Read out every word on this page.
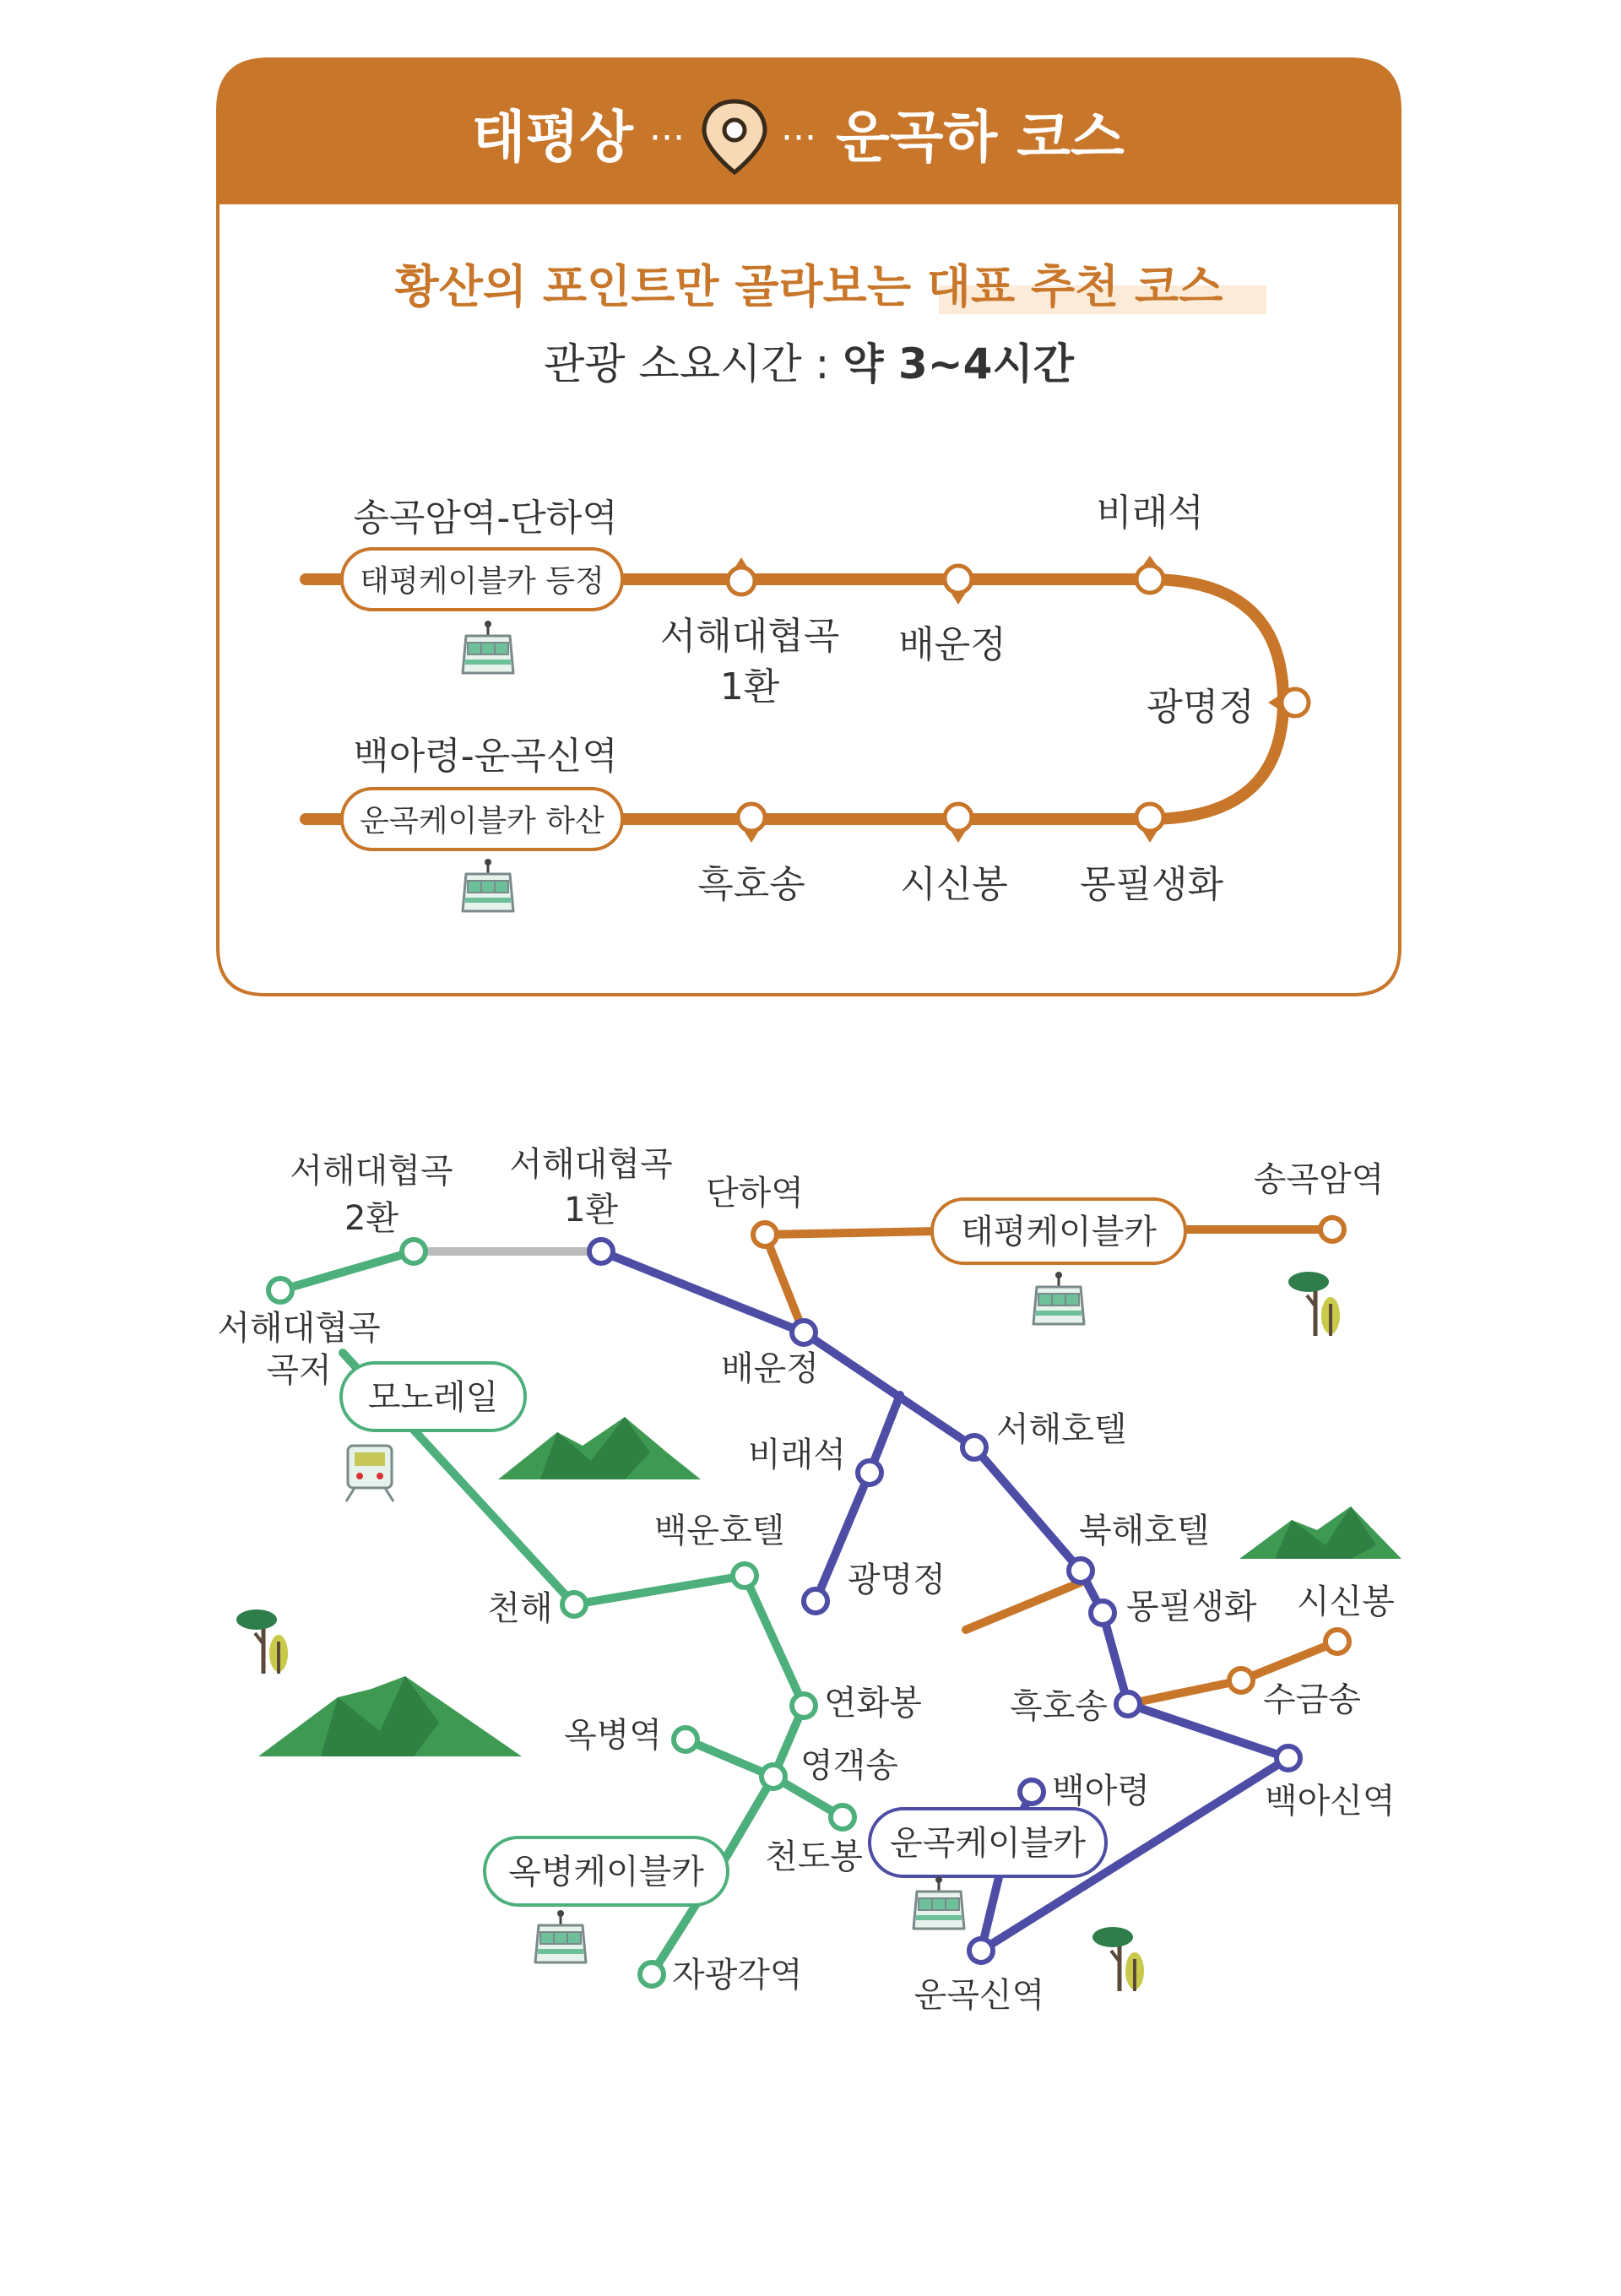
태평상 ···	··· 운곡하 코스
황산의 포인트만 골라보는 대표 추천 코스
관광 소요시간 : 약 3~4시간
송곡암역-단하역
태평케이블카 등정
백아령-운곡신역
운곡케이블카 하산
서해대협곡
1환
배운정
비래석
광명정
몽필생화
시신봉
흑호송
태평케이블카
모노레일
옥병케이블카
운곡케이블카
서해대협곡
2환
서해대협곡
1환	단하역	송곡암역
서해대협곡
곡저	배운정
비래석
서해호텔
백운호텔	북해호텔
광명정
천해	몽필생화 시신봉
연화봉	흑호송	수금송
옥병역
영객송
백아령	백아신역
천도봉
자광각역
운곡신역
